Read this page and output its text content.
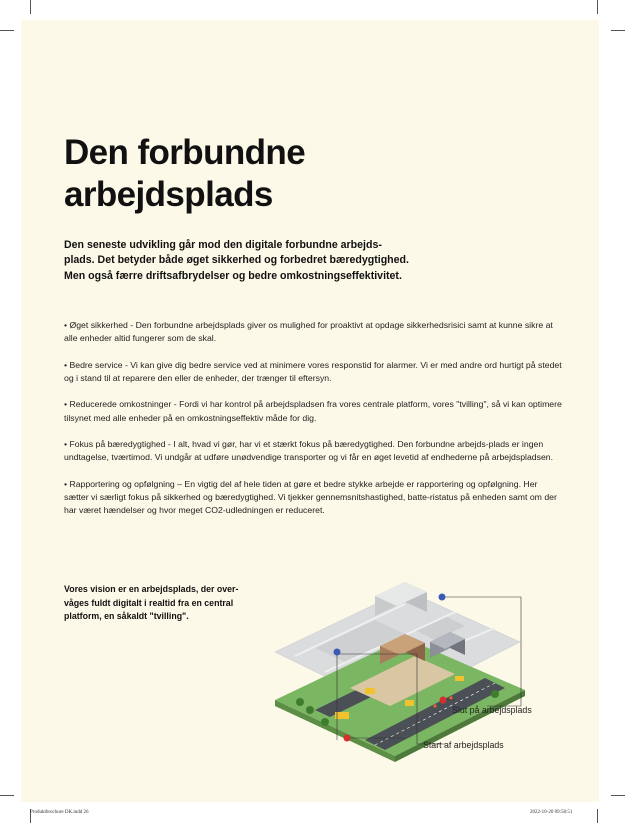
Den forbundne
arbejdsplads
Den seneste udvikling går mod den digitale forbundne arbejds-
plads. Det betyder både øget sikkerhed og forbedret bæredygtighed.
Men også færre driftsafbrydelser og bedre omkostningseffektivitet.

• Øget sikkerhed - Den forbundne arbejdsplads giver os mulighed for proaktivt at opdage sikkerhedsrisici samt at kunne sikre at alle enheder altid fungerer som de skal.

• Bedre service - Vi kan give dig bedre service ved at minimere vores responstid for alarmer. Vi er med andre ord hurtigt på stedet og i stand til at reparere den eller de enheder, der trænger til eftersyn.

• Reducerede omkostninger - Fordi vi har kontrol på arbejdspladsen fra vores centrale platform, vores "tvilling", så vi kan optimere tilsynet med alle enheder på en omkostningseffektiv måde for dig.

• Fokus på bæredygtighed - I alt, hvad vi gør, har vi et stærkt fokus på bæredygtighed. Den forbundne arbejds-plads er ingen undtagelse, tværtimod. Vi undgår at udføre unødvendige transporter og vi får en øget levetid af endhederne på arbejdspladsen.

• Rapportering og opfølgning – En vigtig del af hele tiden at gøre et bedre stykke arbejde er rapportering og opfølgning. Her sætter vi særligt fokus på sikkerhed og bæredygtighed. Vi tjekker gennemsnitshastighed, batte-ristatus på enheden samt om der har været hændelser og hvor meget CO2-udledningen er reduceret.

Vores vision er en arbejdsplads, der over-våges fuldt digitalt i realtid fra en central platform, en såkaldt "tvilling".

Slut på arbejdsplads
Start af arbejdsplads
Produktbrochure DK.indd 26	2022-10-20 09:58:51
